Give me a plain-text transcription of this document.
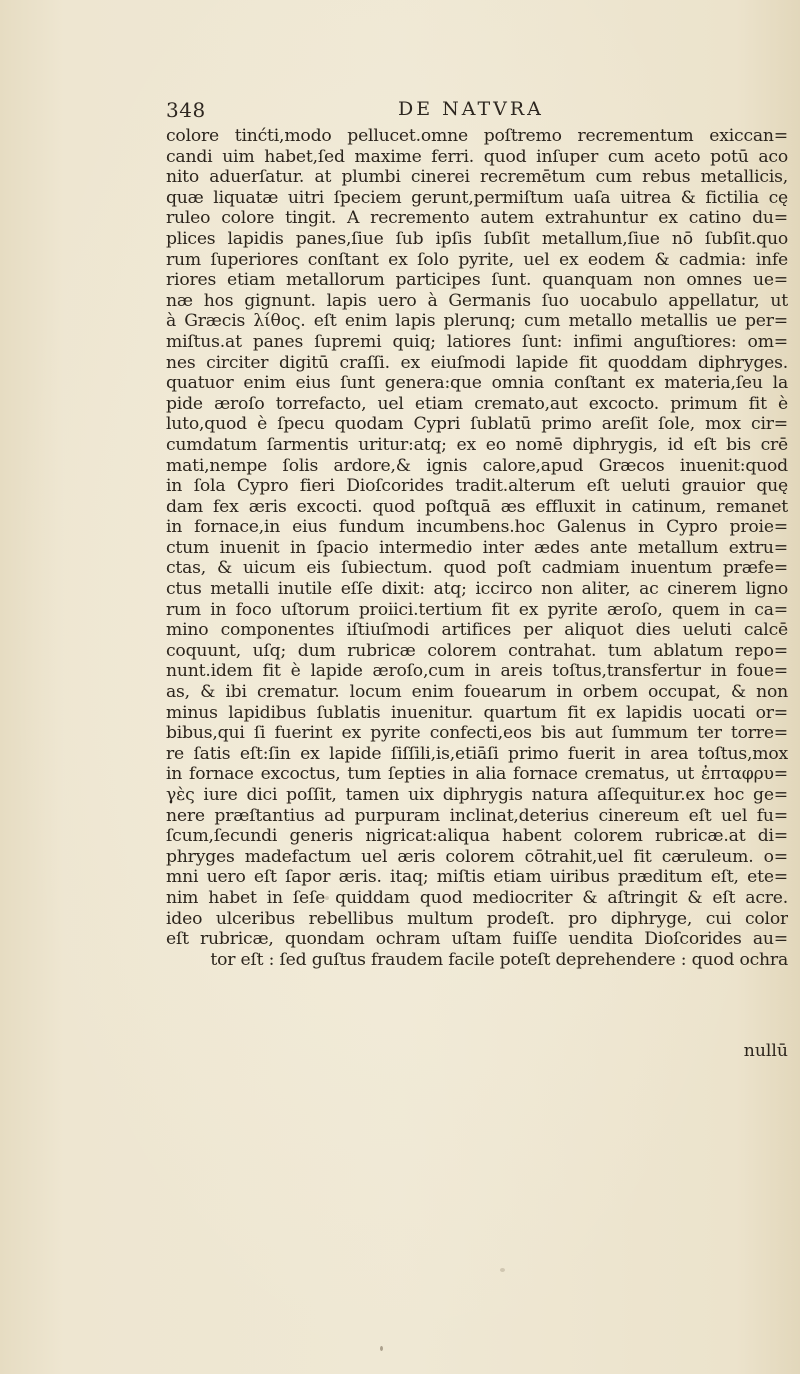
348	DE NATVRA
colore tinćti,modo pellucet.omne poſtremo recrementum exiccan=
candi uim habet,ſed maxime ferri. quod inſuper cum aceto potū aco
nito aduerſatur. at plumbi cinerei recremētum cum rebus metallicis,
quæ liquatæ uitri ſpeciem gerunt,permiſtum uaſa uitrea & fictilia cę
ruleo colore tingit. A recremento autem extrahuntur ex catino du=
plices lapidis panes,ſiue ſub ipſis ſubſit metallum,ſiue nō ſubſit.quo
rum ſuperiores conſtant ex ſolo pyrite, uel ex eodem & cadmia: infe
riores etiam metallorum participes ſunt. quanquam non omnes ue=
næ hos gignunt. lapis uero à Germanis ſuo uocabulo appellatur, ut
à Græcis λίθος. eſt enim lapis plerunq; cum metallo metallis ue per=
miſtus.at panes ſupremi quiq; latiores ſunt: infimi anguſtiores: om=
nes circiter digitū craſſi. ex eiuſmodi lapide fit quoddam diphryges.
quatuor enim eius ſunt genera:que omnia conſtant ex materia,ſeu la
pide æroſo torrefacto, uel etiam cremato,aut excocto. primum fit è
luto,quod è ſpecu quodam Cypri ſublatū primo areſit ſole, mox cir=
cumdatum ſarmentis uritur:atq; ex eo nomē diphrygis, id eſt bis crē
mati,nempe ſolis ardore,& ignis calore,apud Græcos inuenit:quod
in ſola Cypro fieri Dioſcorides tradit.alterum eſt ueluti grauior quę
dam fex æris excocti. quod poſtquā æs effluxit in catinum, remanet
in fornace,in eius fundum incumbens.hoc Galenus in Cypro proie=
ctum inuenit in ſpacio intermedio inter ædes ante metallum extru=
ctas, & uicum eis ſubiectum. quod poſt cadmiam inuentum præfe=
ctus metalli inutile eſſe dixit: atq; iccirco non aliter, ac cinerem ligno
rum in foco uſtorum proiici.tertium fit ex pyrite æroſo, quem in ca=
mino componentes iſtiuſmodi artifices per aliquot dies ueluti calcē
coquunt, uſq; dum rubricæ colorem contrahat. tum ablatum repo=
nunt.idem fit è lapide æroſo,cum in areis toſtus,transfertur in foue=
as, & ibi crematur. locum enim fouearum in orbem occupat, & non
minus lapidibus ſublatis inuenitur. quartum fit ex lapidis uocati or=
bibus,qui ſi fuerint ex pyrite confecti,eos bis aut ſummum ter torre=
re ſatis eſt:ſin ex lapide ſiſſili,is,etiāſi primo fuerit in area toſtus,mox
in fornace excoctus, tum ſepties in alia fornace crematus, ut ἐπταφρυ=
γὲς iure dici poſſit, tamen uix diphrygis natura aſſequitur.ex hoc ge=
nere præſtantius ad purpuram inclinat,deterius cinereum eſt uel fu=
ſcum,ſecundi generis nigricat:aliqua habent colorem rubricæ.at di=
phryges madefactum uel æris colorem cōtrahit,uel fit cæruleum. o=
mni uero eſt ſapor æris. itaq; miſtis etiam uiribus præditum eſt, ete=
nim habet in ſeſe quiddam quod mediocriter & aſtringit & eſt acre.
ideo ulceribus rebellibus multum prodeſt. pro diphryge, cui color
eſt rubricæ, quondam ochram uſtam fuiſſe uendita Dioſcorides au=
tor eſt : ſed guſtus fraudem facile poteſt deprehendere : quod ochra
nullū
